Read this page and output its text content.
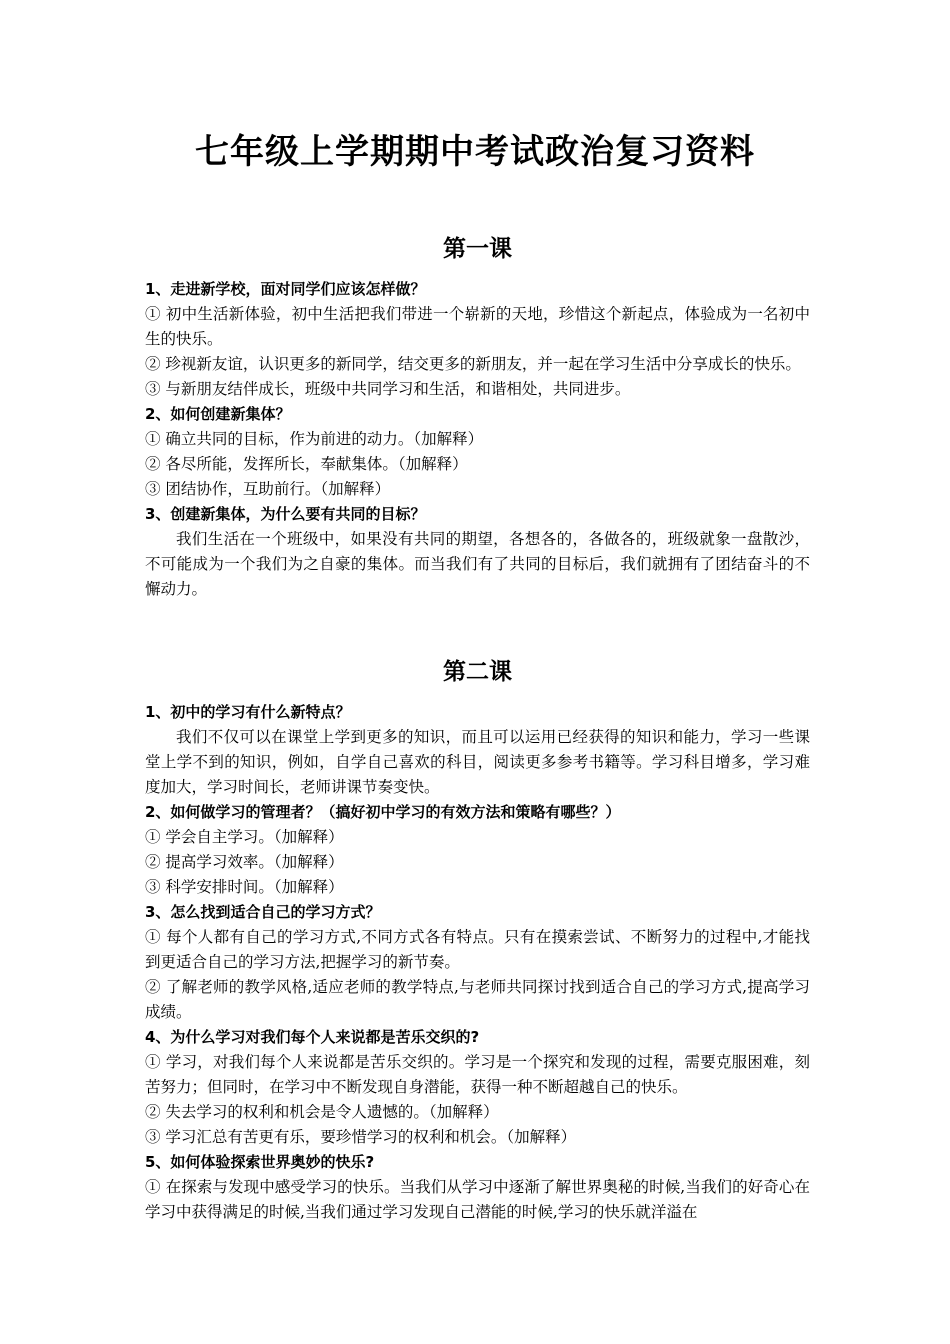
七年级上学期期中考试政治复习资料
第一课

1、走进新学校，面对同学们应该怎样做？

① 初中生活新体验，初中生活把我们带进一个崭新的天地，珍惜这个新起点，体验成为一名初中生的快乐。

② 珍视新友谊，认识更多的新同学，结交更多的新朋友，并一起在学习生活中分享成长的快乐。

③ 与新朋友结伴成长，班级中共同学习和生活，和谐相处，共同进步。

2、如何创建新集体？

① 确立共同的目标，作为前进的动力。（加解释）

② 各尽所能，发挥所长，奉献集体。（加解释）

③ 团结协作，互助前行。（加解释）

3、创建新集体，为什么要有共同的目标？

我们生活在一个班级中，如果没有共同的期望，各想各的，各做各的，班级就象一盘散沙，不可能成为一个我们为之自豪的集体。而当我们有了共同的目标后，我们就拥有了团结奋斗的不懈动力。

第二课

1、初中的学习有什么新特点？

我们不仅可以在课堂上学到更多的知识，而且可以运用已经获得的知识和能力，学习一些课堂上学不到的知识，例如，自学自己喜欢的科目，阅读更多参考书籍等。学习科目增多，学习难度加大，学习时间长，老师讲课节奏变快。

2、如何做学习的管理者？（搞好初中学习的有效方法和策略有哪些？）

① 学会自主学习。（加解释）

② 提高学习效率。（加解释）

③ 科学安排时间。（加解释）

3、怎么找到适合自己的学习方式？

① 每个人都有自己的学习方式,不同方式各有特点。只有在摸索尝试、不断努力的过程中,才能找到更适合自己的学习方法,把握学习的新节奏。

② 了解老师的教学风格,适应老师的教学特点,与老师共同探讨找到适合自己的学习方式,提高学习成绩。

4、为什么学习对我们每个人来说都是苦乐交织的?

① 学习，对我们每个人来说都是苦乐交织的。学习是一个探究和发现的过程，需要克服困难，刻苦努力；但同时，在学习中不断发现自身潜能，获得一种不断超越自己的快乐。

② 失去学习的权利和机会是令人遗憾的。（加解释）

③ 学习汇总有苦更有乐，要珍惜学习的权利和机会。（加解释）

5、如何体验探索世界奥妙的快乐?

① 在探索与发现中感受学习的快乐。当我们从学习中逐渐了解世界奥秘的时候,当我们的好奇心在学习中获得满足的时候,当我们通过学习发现自己潜能的时候,学习的快乐就洋溢在
